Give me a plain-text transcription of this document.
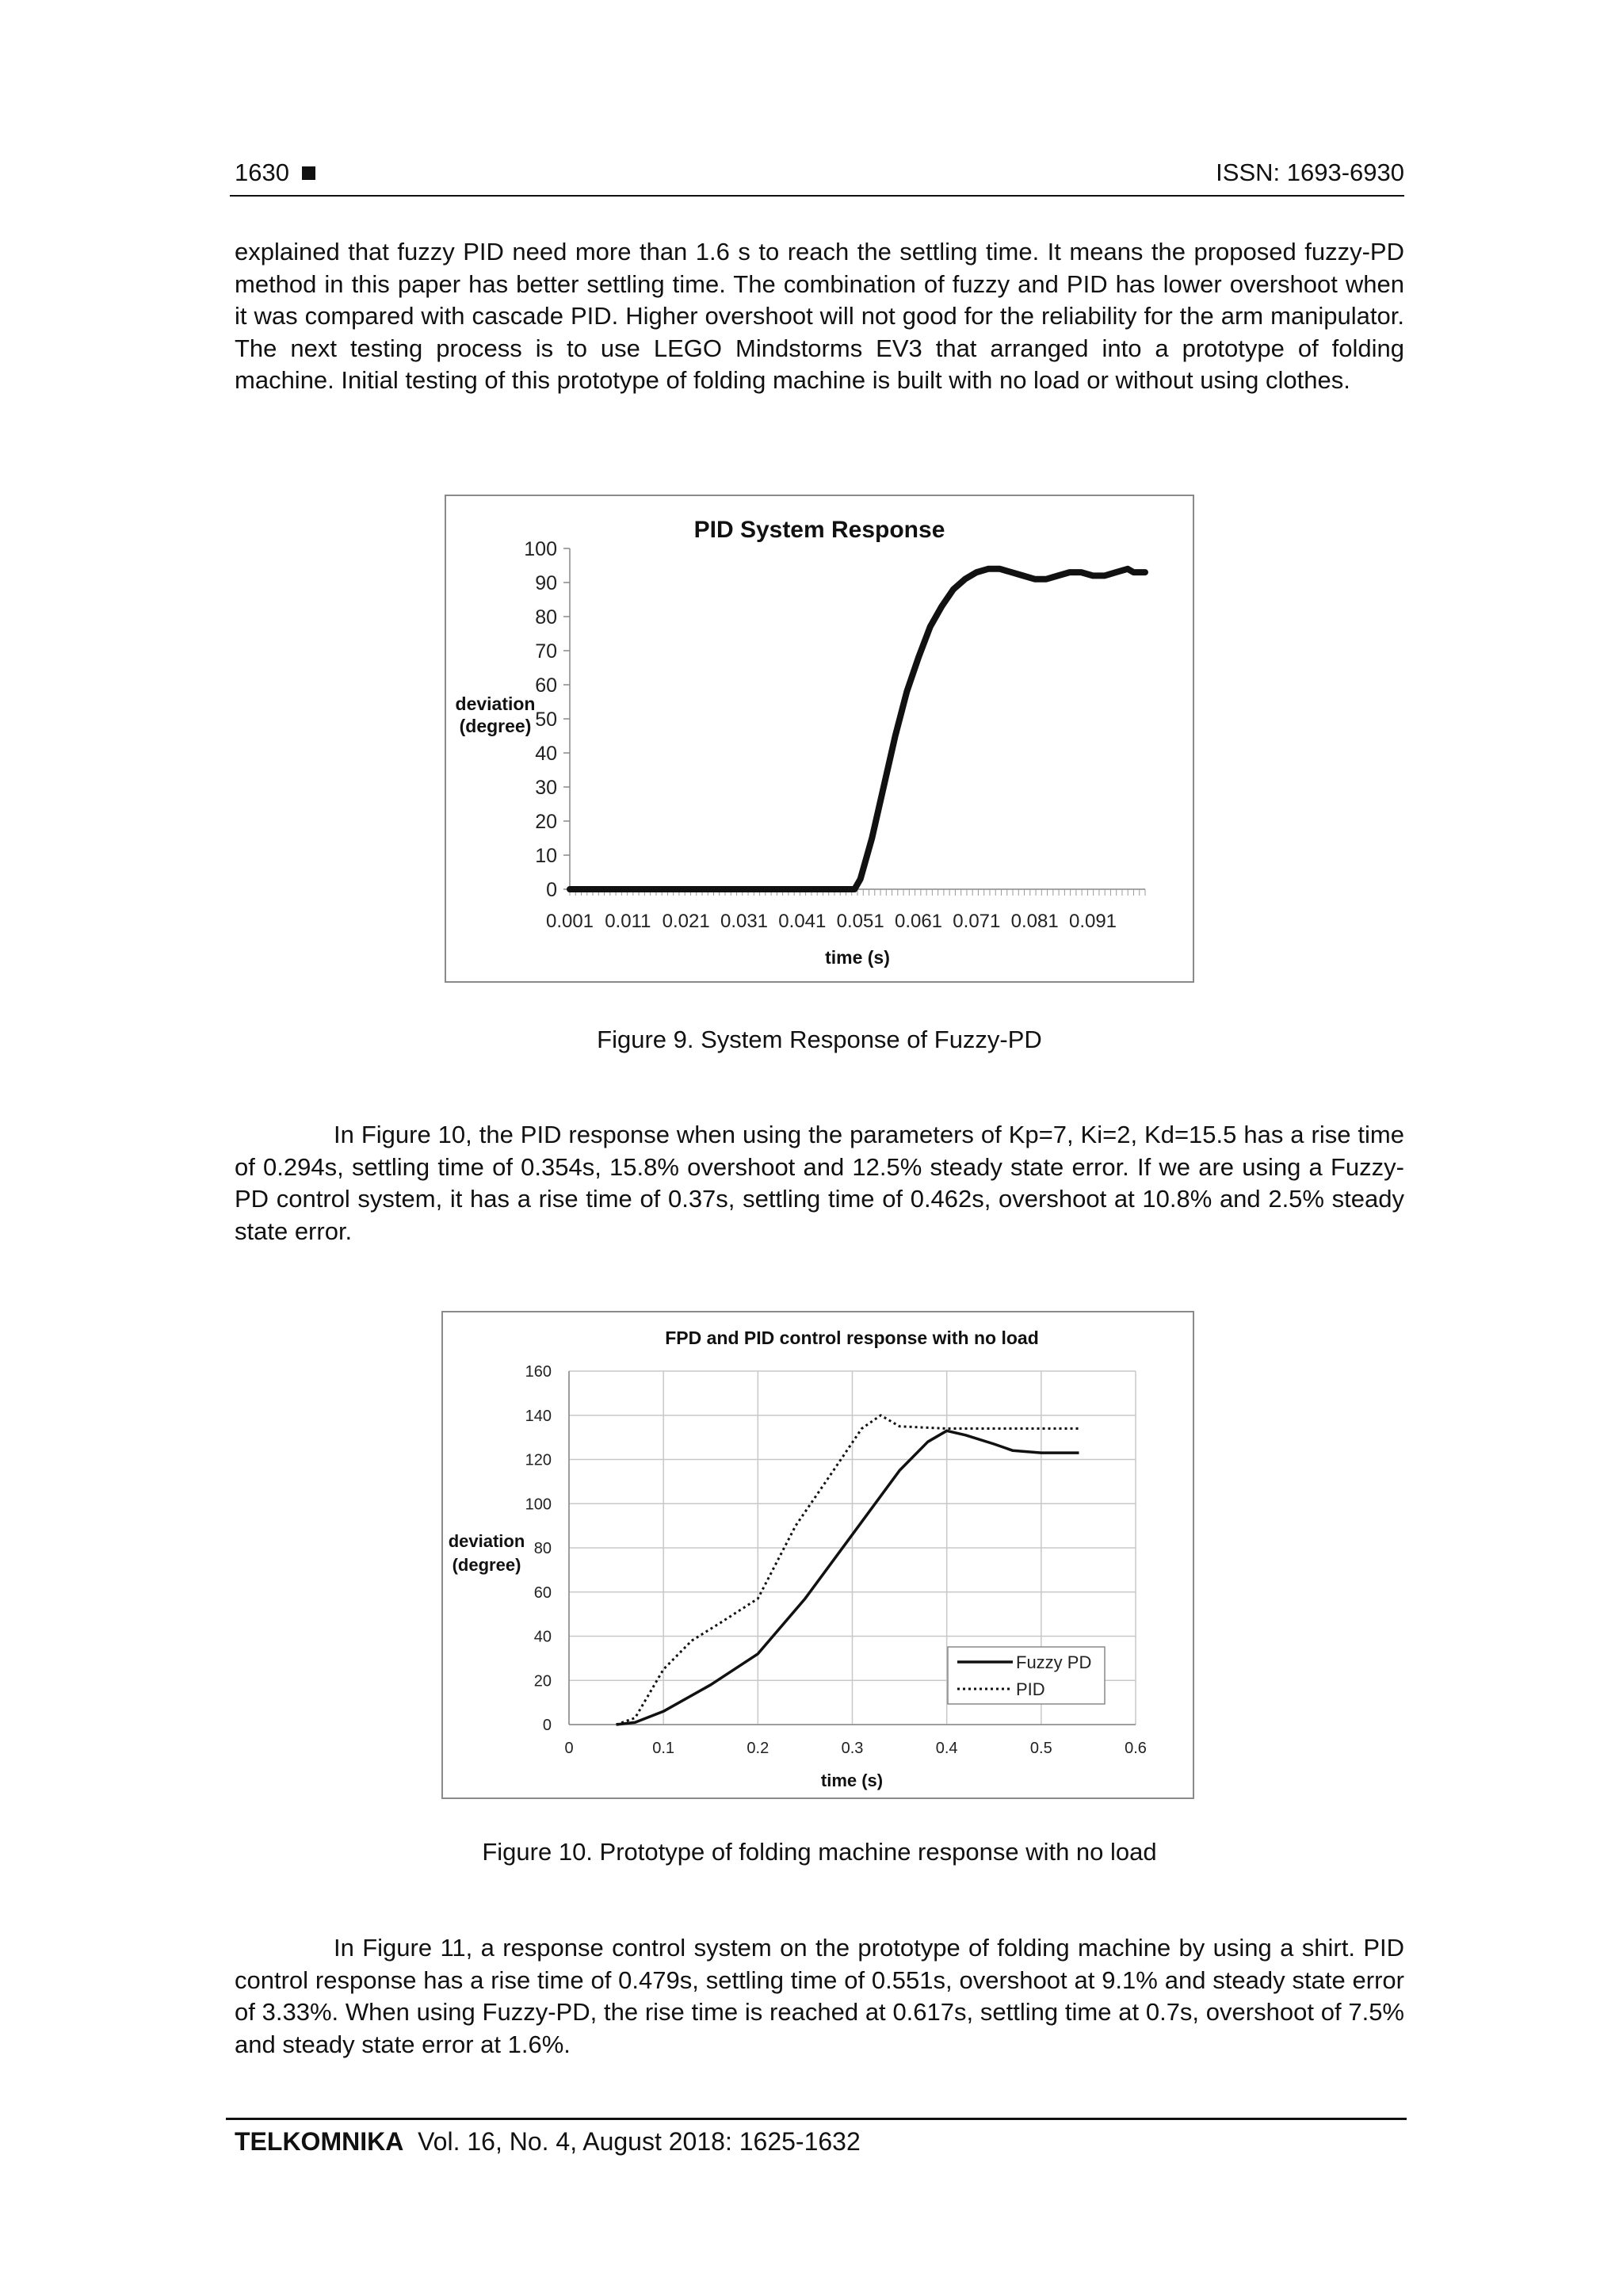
1630	ISSN: 1693-6930
explained that fuzzy PID need more than 1.6 s to reach the settling time. It means the proposed fuzzy-PD method in this paper has better settling time. The combination of fuzzy and PID has lower overshoot when it was compared with cascade PID. Higher overshoot will not good for the reliability for the arm manipulator. The next testing process is to use LEGO Mindstorms EV3 that arranged into a prototype of folding machine. Initial testing of this prototype of folding machine is built with no load or without using clothes.
PID System Response
0
10
20
30
40
50
60
70
80
90
100
0.001 0.011 0.021 0.031 0.041 0.051 0.061 0.071 0.081 0.091
deviation
(degree)
time (s)
Figure 9. System Response of Fuzzy-PD
In Figure 10, the PID response when using the parameters of Kp=7, Ki=2, Kd=15.5 has a rise time of 0.294s, settling time of 0.354s, 15.8% overshoot and 12.5% steady state error. If we are using a Fuzzy-PD control system, it has a rise time of 0.37s, settling time of 0.462s, overshoot at 10.8% and 2.5% steady state error.
FPD and PID control response with no load
0
20
40
60
80
100
120
140
160
0	0.1	0.2	0.3	0.4	0.5	0.6
deviation
(degree)
time (s)
Fuzzy PD
PID
Figure 10. Prototype of folding machine response with no load
In Figure 11, a response control system on the prototype of folding machine by using a shirt. PID control response has a rise time of 0.479s, settling time of 0.551s, overshoot at 9.1% and steady state error of 3.33%. When using Fuzzy-PD, the rise time is reached at 0.617s, settling time at 0.7s, overshoot of 7.5% and steady state error at 1.6%.
TELKOMNIKA Vol. 16, No. 4, August 2018: 1625-1632
